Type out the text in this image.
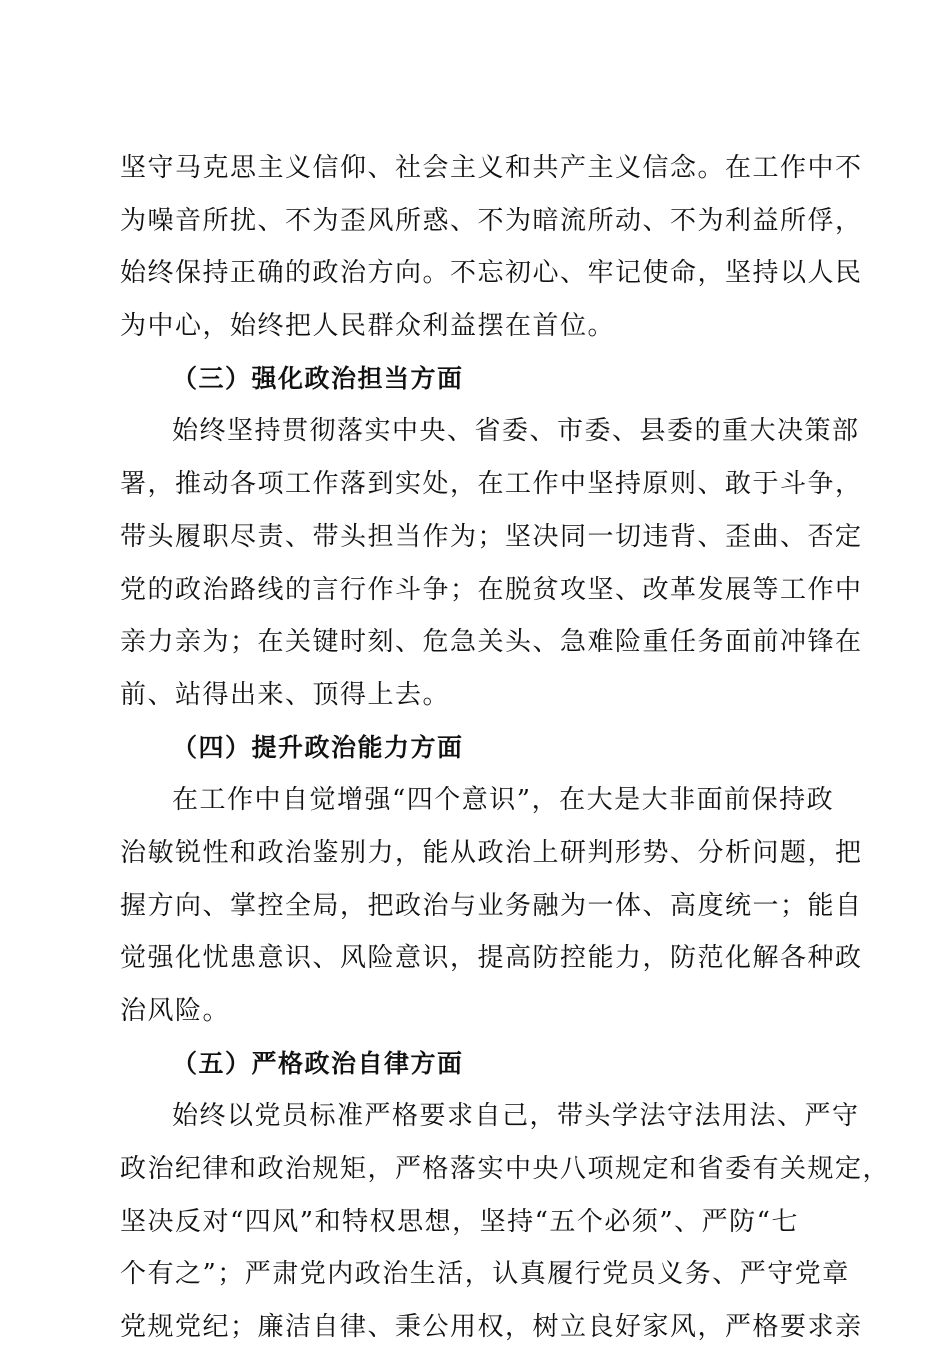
坚守马克思主义信仰、社会主义和共产主义信念。在工作中不
为噪音所扰、不为歪风所惑、不为暗流所动、不为利益所俘，
始终保持正确的政治方向。不忘初心、牢记使命，坚持以人民
为中心，始终把人民群众利益摆在首位。
（三）强化政治担当方面
始终坚持贯彻落实中央、省委、市委、县委的重大决策部
署，推动各项工作落到实处，在工作中坚持原则、敢于斗争，
带头履职尽责、带头担当作为；坚决同一切违背、歪曲、否定
党的政治路线的言行作斗争；在脱贫攻坚、改革发展等工作中
亲力亲为；在关键时刻、危急关头、急难险重任务面前冲锋在
前、站得出来、顶得上去。
（四）提升政治能力方面
在工作中自觉增强“四个意识”，在大是大非面前保持政
治敏锐性和政治鉴别力，能从政治上研判形势、分析问题，把
握方向、掌控全局，把政治与业务融为一体、高度统一；能自
觉强化忧患意识、风险意识，提高防控能力，防范化解各种政
治风险。
（五）严格政治自律方面
始终以党员标准严格要求自己，带头学法守法用法、严守
政治纪律和政治规矩，严格落实中央八项规定和省委有关规定，
坚决反对“四风”和特权思想，坚持“五个必须”、严防“七
个有之”；严肃党内政治生活，认真履行党员义务、严守党章
党规党纪；廉洁自律、秉公用权，树立良好家风，严格要求亲
